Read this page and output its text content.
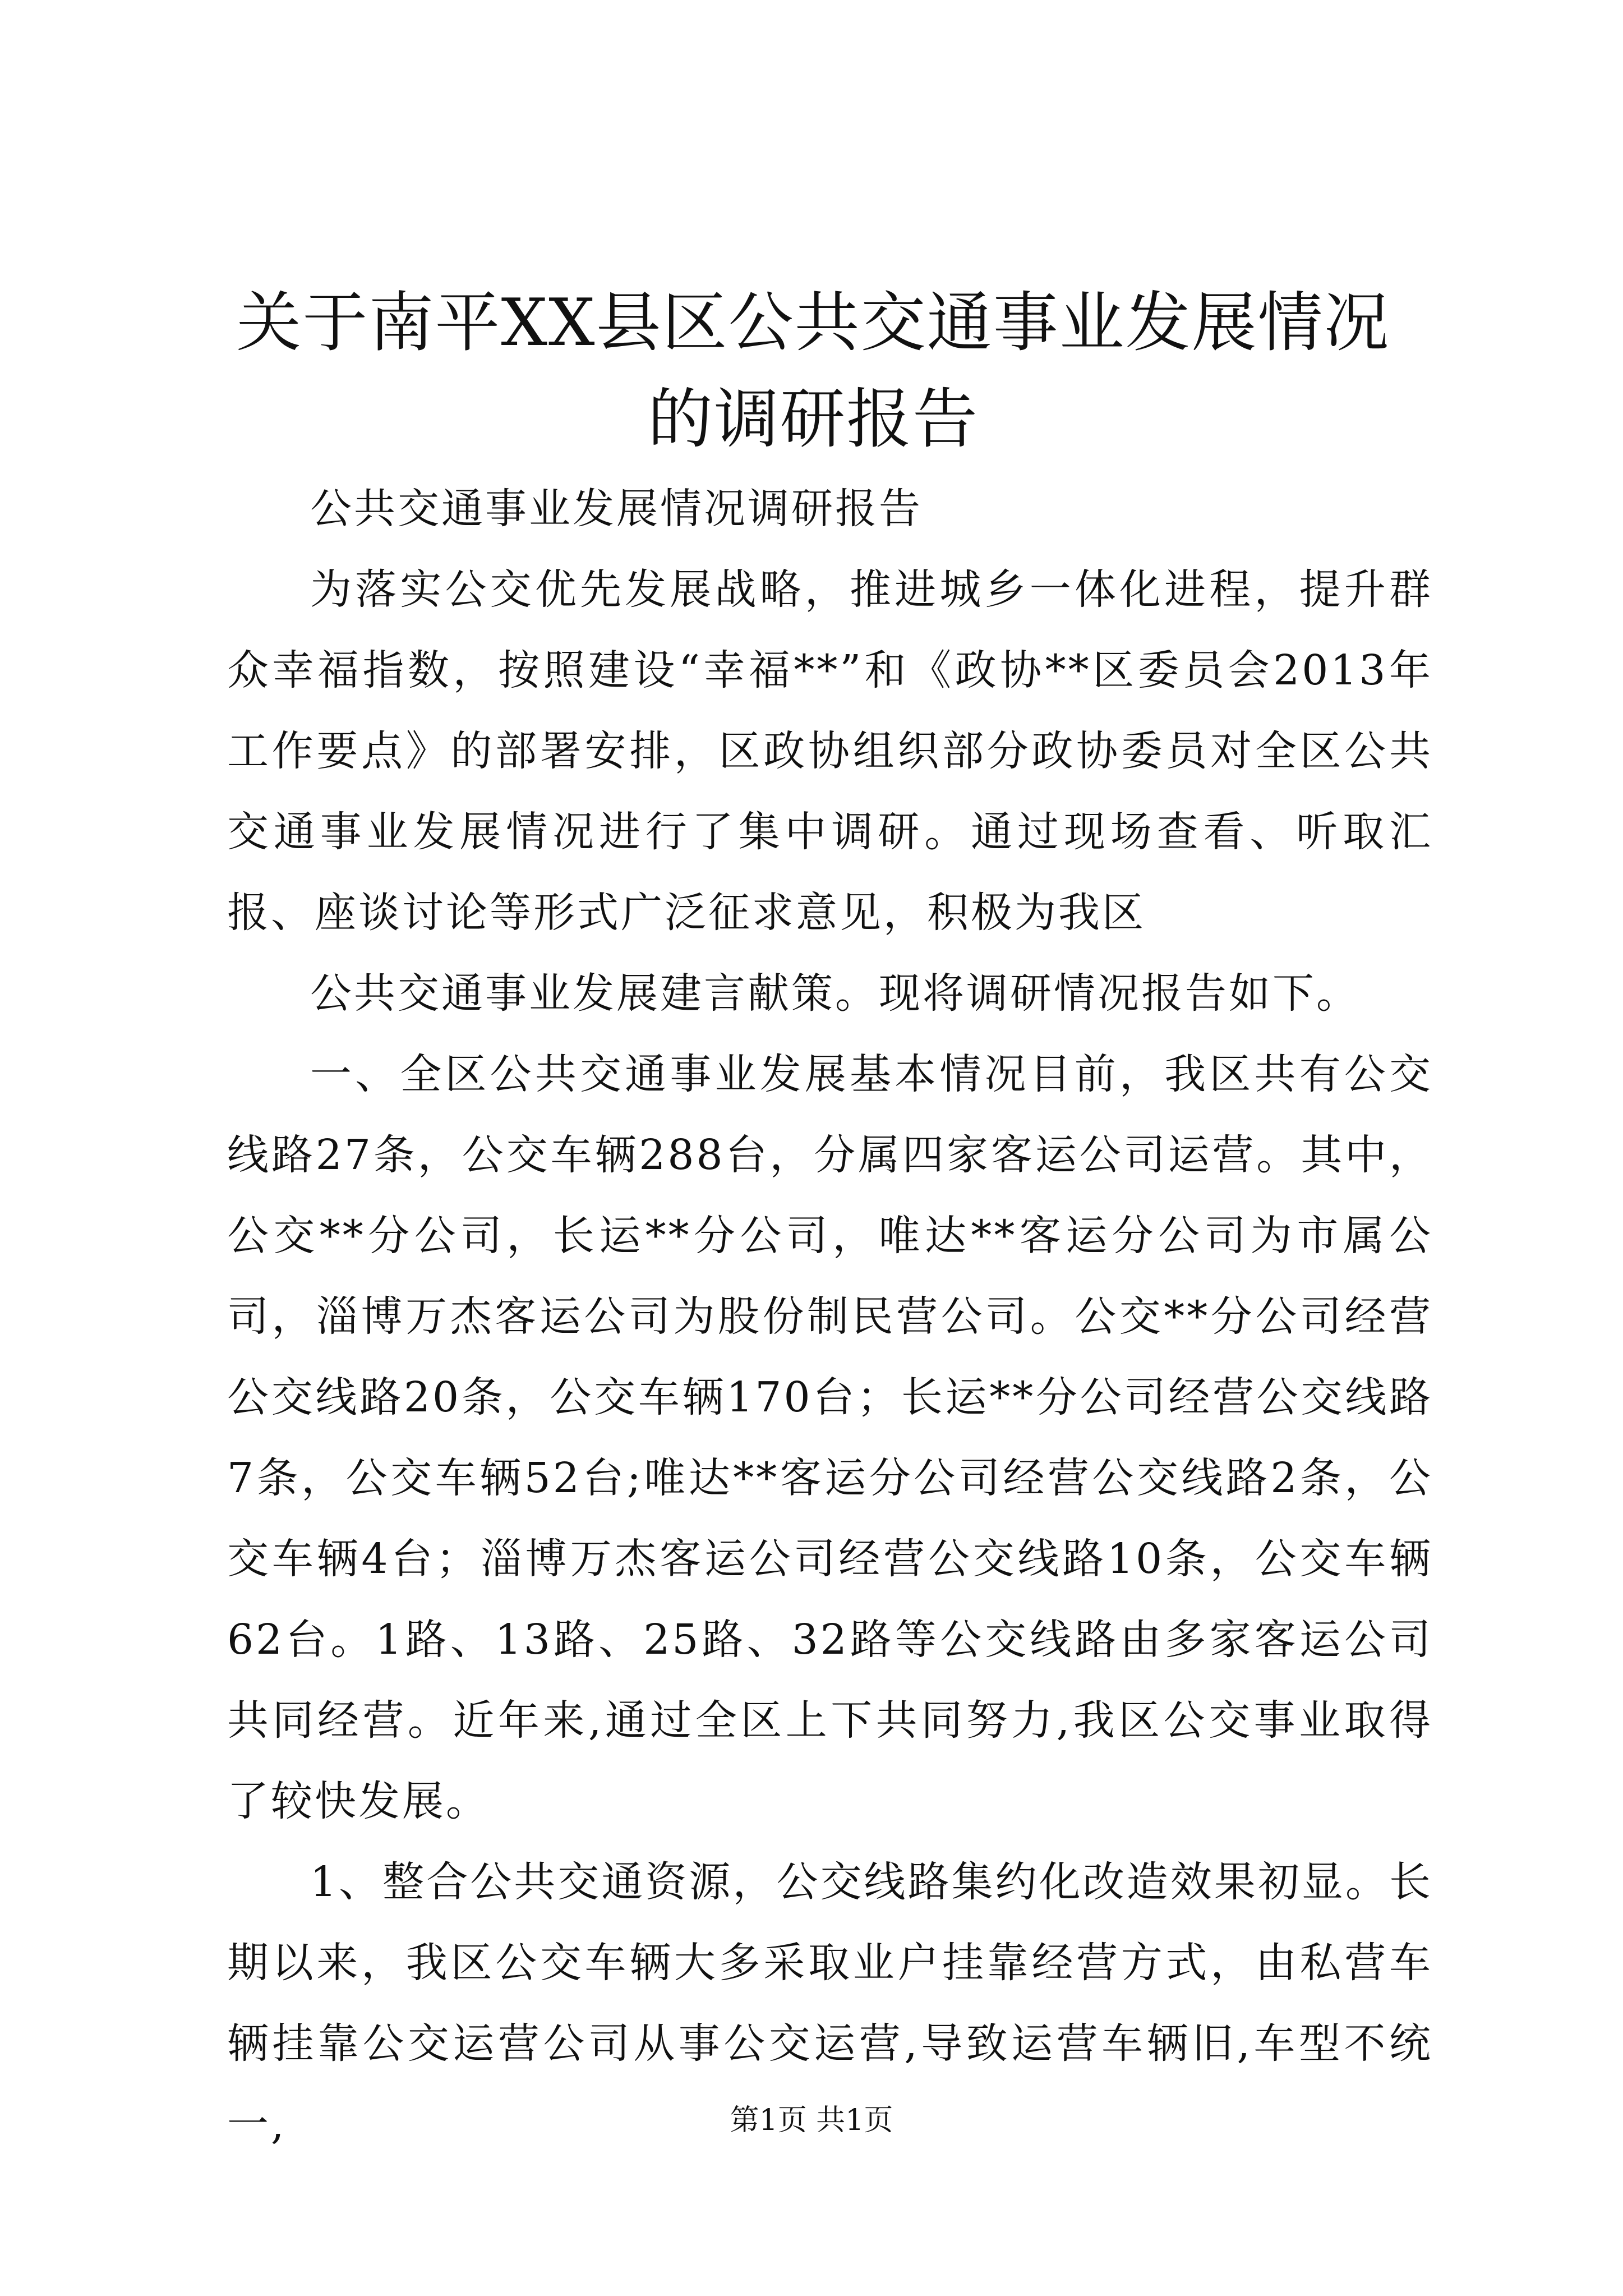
关于南平XX县区公共交通事业发展情况的调研报告

公共交通事业发展情况调研报告

为落实公交优先发展战略，推进城乡一体化进程，提升群众幸福指数，按照建设“幸福**”和《政协**区委员会2013年工作要点》的部署安排，区政协组织部分政协委员对全区公共交通事业发展情况进行了集中调研。通过现场查看、听取汇报、座谈讨论等形式广泛征求意见，积极为我区

公共交通事业发展建言献策。现将调研情况报告如下。

一、全区公共交通事业发展基本情况目前，我区共有公交线路27条，公交车辆288台，分属四家客运公司运营。其中，公交**分公司，长运**分公司，唯达**客运分公司为市属公司，淄博万杰客运公司为股份制民营公司。公交**分公司经营公交线路20条，公交车辆170台；长运**分公司经营公交线路7条，公交车辆52台;唯达**客运分公司经营公交线路2条，公交车辆4台；淄博万杰客运公司经营公交线路10条，公交车辆62台。1路、13路、25路、32路等公交线路由多家客运公司共同经营。近年来,通过全区上下共同努力,我区公交事业取得了较快发展。

1、整合公共交通资源，公交线路集约化改造效果初显。长期以来，我区公交车辆大多采取业户挂靠经营方式，由私营车辆挂靠公交运营公司从事公交运营,导致运营车辆旧,车型不统一,	第1页 共1页
